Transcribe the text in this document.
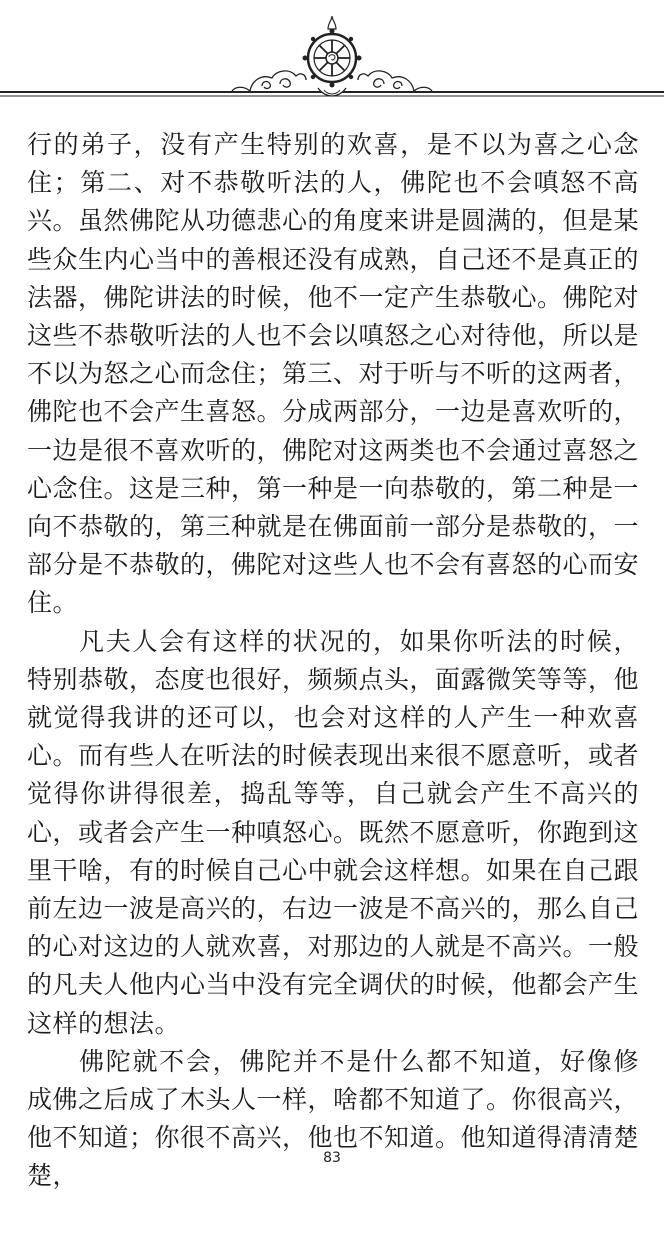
行的弟子，没有产生特别的欢喜，是不以为喜之心念住；第二、对不恭敬听法的人，佛陀也不会嗔怒不高兴。虽然佛陀从功德悲心的角度来讲是圆满的，但是某些众生内心当中的善根还没有成熟，自己还不是真正的法器，佛陀讲法的时候，他不一定产生恭敬心。佛陀对这些不恭敬听法的人也不会以嗔怒之心对待他，所以是不以为怒之心而念住；第三、对于听与不听的这两者，佛陀也不会产生喜怒。分成两部分，一边是喜欢听的，一边是很不喜欢听的，佛陀对这两类也不会通过喜怒之心念住。这是三种，第一种是一向恭敬的，第二种是一向不恭敬的，第三种就是在佛面前一部分是恭敬的，一部分是不恭敬的，佛陀对这些人也不会有喜怒的心而安住。

凡夫人会有这样的状况的，如果你听法的时候，特别恭敬，态度也很好，频频点头，面露微笑等等，他就觉得我讲的还可以，也会对这样的人产生一种欢喜心。而有些人在听法的时候表现出来很不愿意听，或者觉得你讲得很差，捣乱等等，自己就会产生不高兴的心，或者会产生一种嗔怒心。既然不愿意听，你跑到这里干啥，有的时候自己心中就会这样想。如果在自己跟前左边一波是高兴的，右边一波是不高兴的，那么自己的心对这边的人就欢喜，对那边的人就是不高兴。一般的凡夫人他内心当中没有完全调伏的时候，他都会产生这样的想法。

佛陀就不会，佛陀并不是什么都不知道，好像修成佛之后成了木头人一样，啥都不知道了。你很高兴，他不知道；你很不高兴，他也不知道。他知道得清清楚楚，

83
